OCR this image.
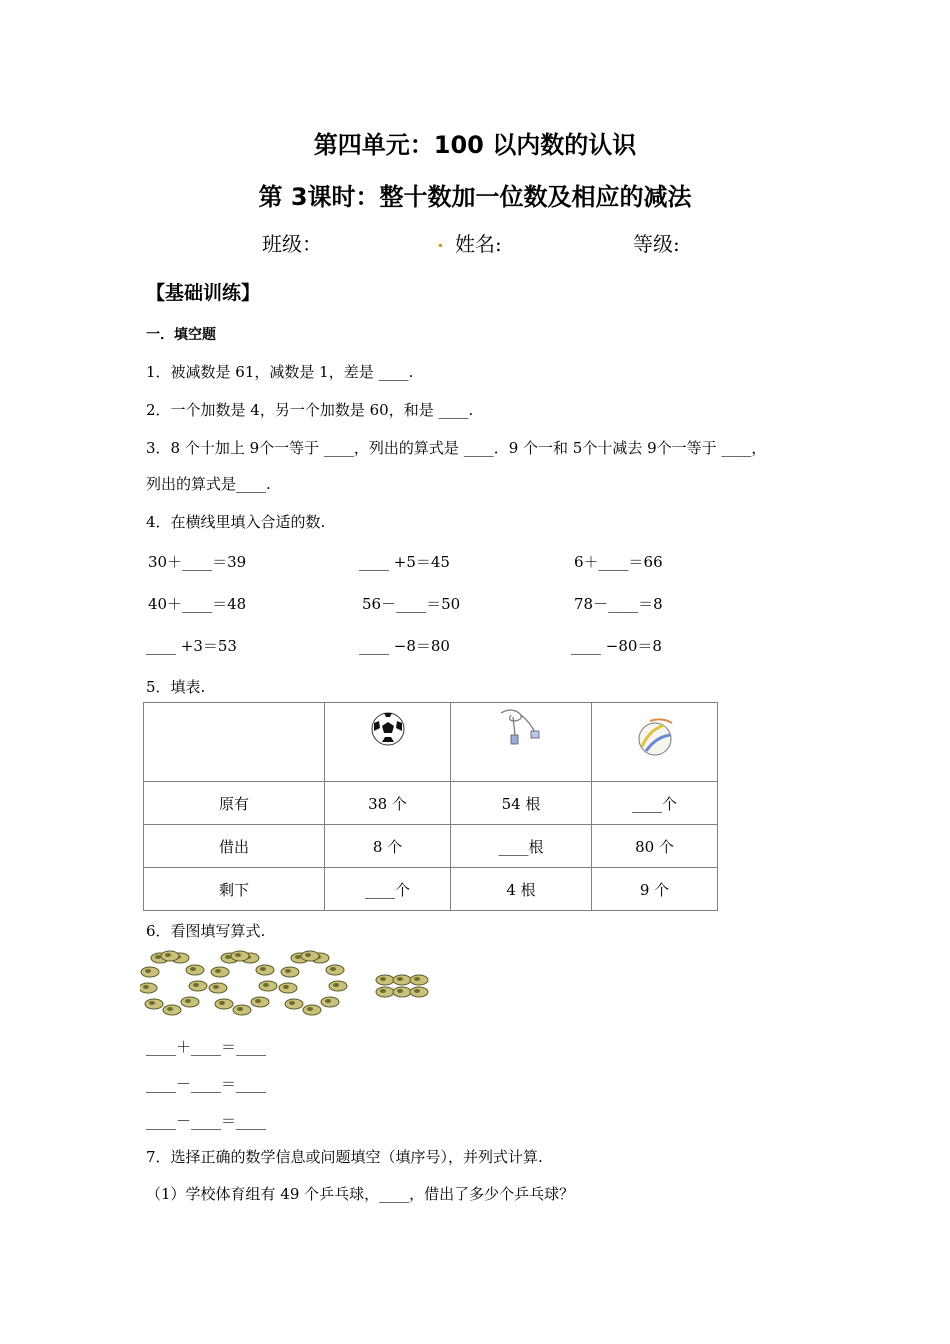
第四单元：100 以内数的认识
第 3课时：整十数加一位数及相应的减法
班级：	. 姓名:	等级:
【基础训练】
一．填空题
1．被减数是 61，减数是 1，差是 ____.
2．一个加数是 4，另一个加数是 60，和是 ____.
3．8 个十加上 9个一等于 ____，列出的算式是 ____．9 个一和 5个十减去 9个一等于 ____，
列出的算式是____.
4．在横线里填入合适的数.
30＋____＝39	____ +5＝45	6＋____＝66
40＋____＝48	56－____＝50	78－____＝8
____ +3＝53	____ −8＝80	____ −80＝8
5．填表.

原有	38 个	54 根	____个
借出	8 个	____根	80 个
剩下	____个	4 根	9 个
6．看图填写算式.
____＋____＝____
____－____＝____
____－____＝____
7．选择正确的数学信息或问题填空（填序号），并列式计算.
（1）学校体育组有 49 个乒乓球，____，借出了多少个乒乓球？
